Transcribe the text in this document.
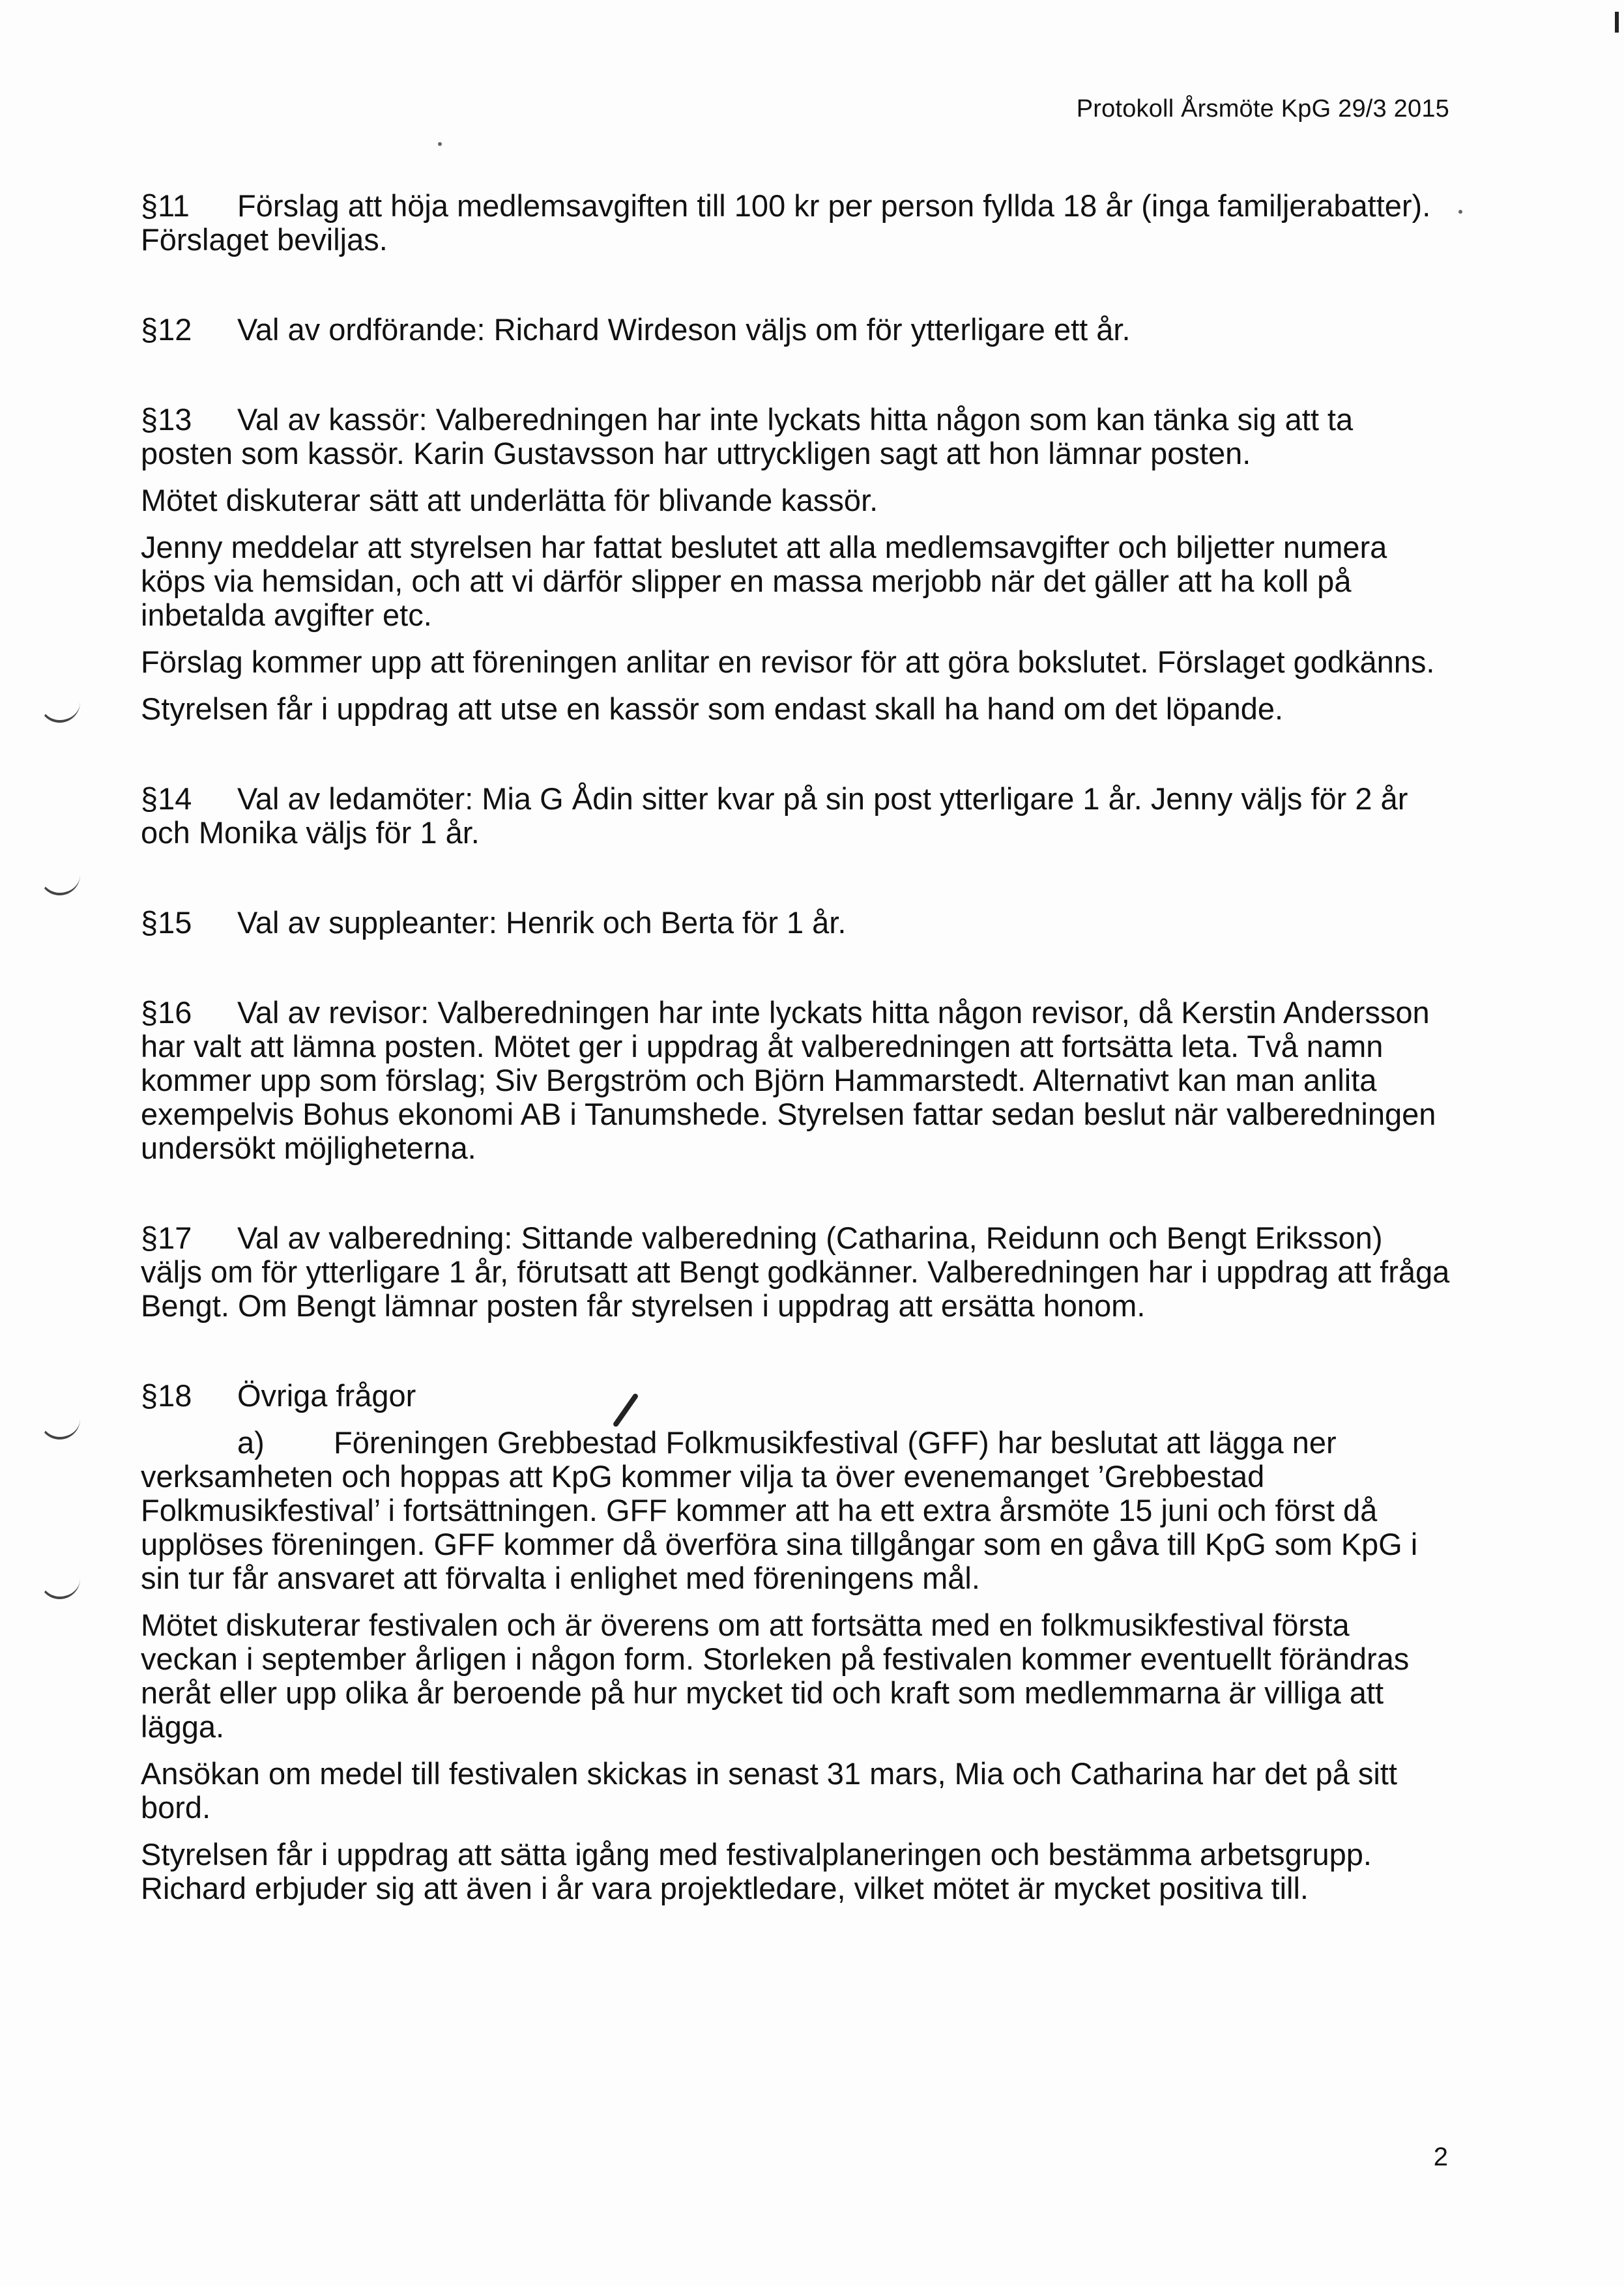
Protokoll Årsmöte KpG 29/3 2015

§11 Förslag att höja medlemsavgiften till 100 kr per person fyllda 18 år (inga familjerabatter). Förslaget beviljas.

§12 Val av ordförande: Richard Wirdeson väljs om för ytterligare ett år.

§13 Val av kassör: Valberedningen har inte lyckats hitta någon som kan tänka sig att ta posten som kassör. Karin Gustavsson har uttryckligen sagt att hon lämnar posten.

Mötet diskuterar sätt att underlätta för blivande kassör.

Jenny meddelar att styrelsen har fattat beslutet att alla medlemsavgifter och biljetter numera köps via hemsidan, och att vi därför slipper en massa merjobb när det gäller att ha koll på inbetalda avgifter etc.

Förslag kommer upp att föreningen anlitar en revisor för att göra bokslutet. Förslaget godkänns.

Styrelsen får i uppdrag att utse en kassör som endast skall ha hand om det löpande.

§14 Val av ledamöter: Mia G Ådin sitter kvar på sin post ytterligare 1 år. Jenny väljs för 2 år och Monika väljs för 1 år.

§15 Val av suppleanter: Henrik och Berta för 1 år.

§16 Val av revisor: Valberedningen har inte lyckats hitta någon revisor, då Kerstin Andersson har valt att lämna posten. Mötet ger i uppdrag åt valberedningen att fortsätta leta. Två namn kommer upp som förslag; Siv Bergström och Björn Hammarstedt. Alternativt kan man anlita exempelvis Bohus ekonomi AB i Tanumshede. Styrelsen fattar sedan beslut när valberedningen undersökt möjligheterna.

§17 Val av valberedning: Sittande valberedning (Catharina, Reidunn och Bengt Eriksson) väljs om för ytterligare 1 år, förutsatt att Bengt godkänner. Valberedningen har i uppdrag att fråga Bengt. Om Bengt lämnar posten får styrelsen i uppdrag att ersätta honom.

§18 Övriga frågor

a) Föreningen Grebbestad Folkmusikfestival (GFF) har beslutat att lägga ner verksamheten och hoppas att KpG kommer vilja ta över evenemanget ’Grebbestad Folkmusikfestival’ i fortsättningen. GFF kommer att ha ett extra årsmöte 15 juni och först då upplöses föreningen. GFF kommer då överföra sina tillgångar som en gåva till KpG som KpG i sin tur får ansvaret att förvalta i enlighet med föreningens mål.

Mötet diskuterar festivalen och är överens om att fortsätta med en folkmusikfestival första veckan i september årligen i någon form. Storleken på festivalen kommer eventuellt förändras neråt eller upp olika år beroende på hur mycket tid och kraft som medlemmarna är villiga att lägga.

Ansökan om medel till festivalen skickas in senast 31 mars, Mia och Catharina har det på sitt bord.

Styrelsen får i uppdrag att sätta igång med festivalplaneringen och bestämma arbetsgrupp. Richard erbjuder sig att även i år vara projektledare, vilket mötet är mycket positiva till.

2
